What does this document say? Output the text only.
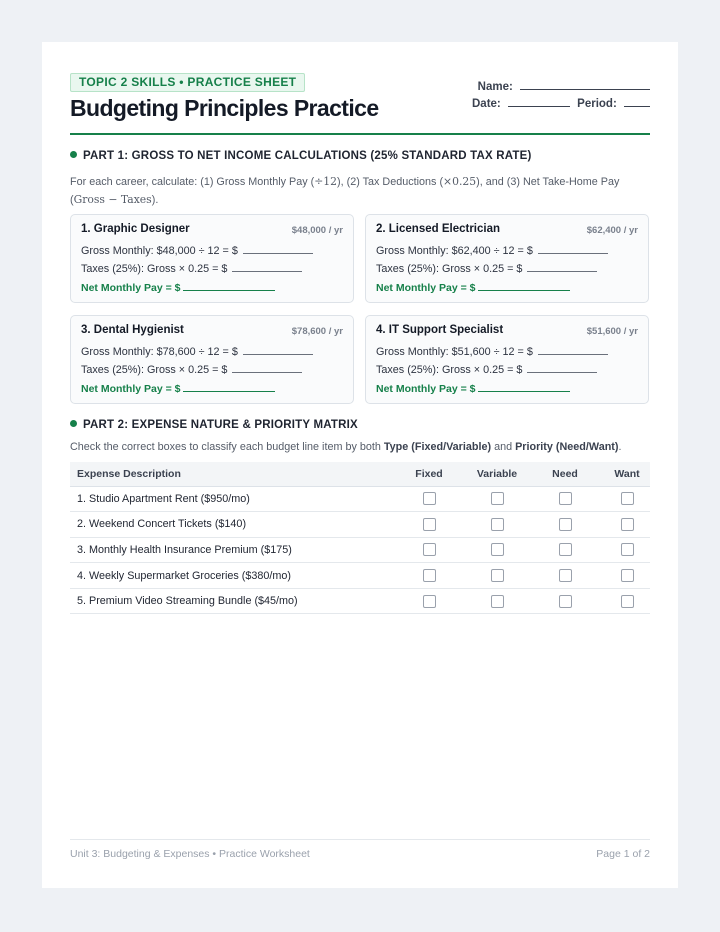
TOPIC 2 SKILLS • PRACTICE SHEET
Budgeting Principles Practice
Name:
Date:	Period:
PART 1: GROSS TO NET INCOME CALCULATIONS (25% STANDARD TAX RATE)
For each career, calculate: (1) Gross Monthly Pay (÷12), (2) Tax Deductions (×0.25), and (3) Net Take-Home Pay (Gross − Taxes).
1. Graphic Designer	$48,000 / yr
Gross Monthly: $48,000 ÷ 12 = $
Taxes (25%): Gross × 0.25 = $
Net Monthly Pay = $
2. Licensed Electrician	$62,400 / yr
Gross Monthly: $62,400 ÷ 12 = $
Taxes (25%): Gross × 0.25 = $
Net Monthly Pay = $
3. Dental Hygienist	$78,600 / yr
Gross Monthly: $78,600 ÷ 12 = $
Taxes (25%): Gross × 0.25 = $
Net Monthly Pay = $
4. IT Support Specialist	$51,600 / yr
Gross Monthly: $51,600 ÷ 12 = $
Taxes (25%): Gross × 0.25 = $
Net Monthly Pay = $
PART 2: EXPENSE NATURE & PRIORITY MATRIX
Check the correct boxes to classify each budget line item by both Type (Fixed/Variable) and Priority (Need/Want).
Expense Description	Fixed	Variable	Need	Want
1. Studio Apartment Rent ($950/mo)				
2. Weekend Concert Tickets ($140)				
3. Monthly Health Insurance Premium ($175)				
4. Weekly Supermarket Groceries ($380/mo)				
5. Premium Video Streaming Bundle ($45/mo)				
Unit 3: Budgeting & Expenses • Practice Worksheet	Page 1 of 2
